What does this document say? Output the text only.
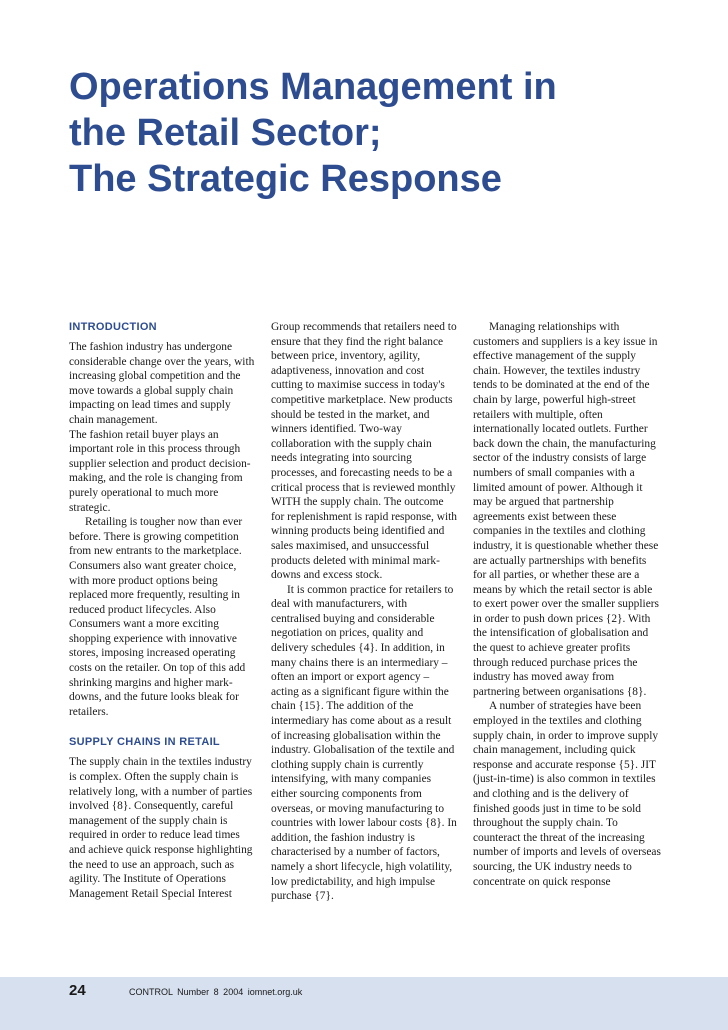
Operations Management in
the Retail Sector;
The Strategic Response
INTRODUCTION

The fashion industry has undergone considerable change over the years, with increasing global competition and the move towards a global supply chain impacting on lead times and supply chain management.

The fashion retail buyer plays an important role in this process through supplier selection and product decision-making, and the role is changing from purely operational to much more strategic.

Retailing is tougher now than ever before. There is growing competition from new entrants to the marketplace. Consumers also want greater choice, with more product options being replaced more frequently, resulting in reduced product lifecycles. Also Consumers want a more exciting shopping experience with innovative stores, imposing increased operating costs on the retailer. On top of this add shrinking margins and higher mark-downs, and the future looks bleak for retailers.

SUPPLY CHAINS IN RETAIL

The supply chain in the textiles industry is complex. Often the supply chain is relatively long, with a number of parties involved {8}. Consequently, careful management of the supply chain is required in order to reduce lead times and achieve quick response highlighting the need to use an approach, such as agility. The Institute of Operations Management Retail Special Interest

Group recommends that retailers need to ensure that they find the right balance between price, inventory, agility, adaptiveness, innovation and cost cutting to maximise success in today's competitive marketplace. New products should be tested in the market, and winners identified. Two-way collaboration with the supply chain needs integrating into sourcing processes, and forecasting needs to be a critical process that is reviewed monthly WITH the supply chain. The outcome for replenishment is rapid response, with winning products being identified and sales maximised, and unsuccessful products deleted with minimal mark-downs and excess stock.

It is common practice for retailers to deal with manufacturers, with centralised buying and considerable negotiation on prices, quality and delivery schedules {4}. In addition, in many chains there is an intermediary – often an import or export agency – acting as a significant figure within the chain {15}. The addition of the intermediary has come about as a result of increasing globalisation within the industry. Globalisation of the textile and clothing supply chain is currently intensifying, with many companies either sourcing components from overseas, or moving manufacturing to countries with lower labour costs {8}. In addition, the fashion industry is characterised by a number of factors, namely a short lifecycle, high volatility, low predictability, and high impulse purchase {7}.

Managing relationships with customers and suppliers is a key issue in effective management of the supply chain. However, the textiles industry tends to be dominated at the end of the chain by large, powerful high-street retailers with multiple, often internationally located outlets. Further back down the chain, the manufacturing sector of the industry consists of large numbers of small companies with a limited amount of power. Although it may be argued that partnership agreements exist between these companies in the textiles and clothing industry, it is questionable whether these are actually partnerships with benefits for all parties, or whether these are a means by which the retail sector is able to exert power over the smaller suppliers in order to push down prices {2}. With the intensification of globalisation and the quest to achieve greater profits through reduced purchase prices the industry has moved away from partnering between organisations {8}.

A number of strategies have been employed in the textiles and clothing supply chain, in order to improve supply chain management, including quick response and accurate response {5}. JIT (just-in-time) is also common in textiles and clothing and is the delivery of finished goods just in time to be sold throughout the supply chain. To counteract the threat of the increasing number of imports and levels of overseas sourcing, the UK industry needs to concentrate on quick response

24	CONTROL Number 8 2004 iomnet.org.uk
